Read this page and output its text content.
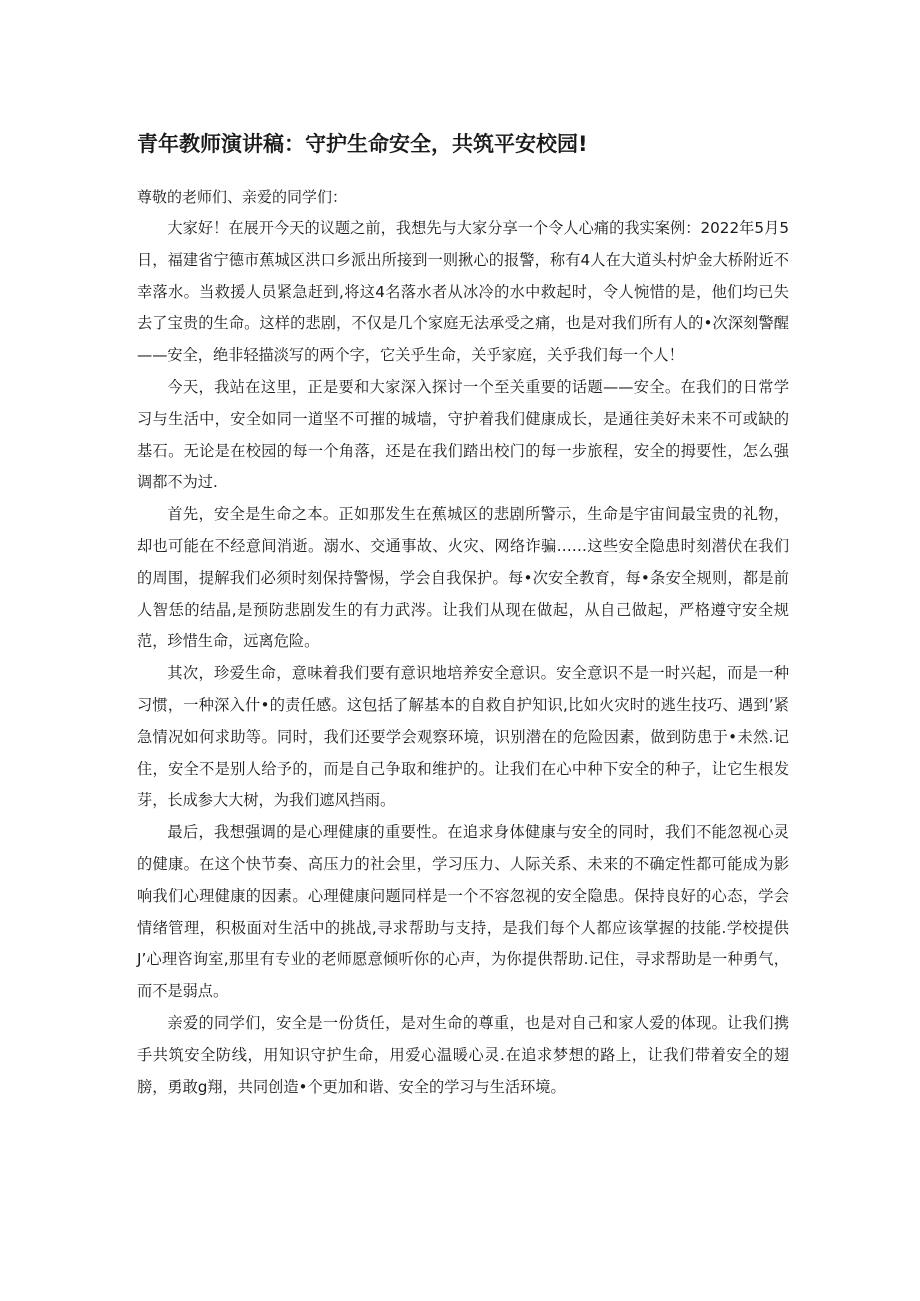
青年教师演讲稿：守护生命安全，共筑平安校园!
尊敬的老师们、亲爱的同学们：

大家好！在展开今天的议题之前，我想先与大家分享一个令人心痛的我实案例：2022年5月5日，福建省宁德市蕉城区洪口乡派出所接到一则揪心的报警，称有4人在大道头村炉金大桥附近不幸落水。当救援人员紧急赶到,将这4名落水者从冰冷的水中救起时，令人惋惜的是，他们均已失去了宝贵的生命。这样的悲剧，不仅是几个家庭无法承受之痛，也是对我们所有人的•次深刻警醒——安全，绝非轻描淡写的两个字，它关乎生命，关乎家庭，关乎我们每一个人！

今天，我站在这里，正是要和大家深入探讨一个至关重要的话题——安全。在我们的日常学习与生活中，安全如同一道坚不可摧的城墙，守护着我们健康成长，是通往美好未来不可或缺的基石。无论是在校园的每一个角落，还是在我们踏出校门的每一步旅程，安全的拇要性，怎么强调都不为过.

首先，安全是生命之本。正如那发生在蕉城区的悲剧所警示，生命是宇宙间最宝贵的礼物，却也可能在不经意间消逝。溺水、交通事故、火灾、网络诈骗……这些安全隐患时刻潜伏在我们的周围，提解我们必须时刻保持警惕，学会自我保护。每•次安全教育，每•条安全规则，都是前人智恁的结晶,是预防悲剧发生的有力武涔。让我们从现在做起，从自己做起，严格遵守安全规范，珍惜生命，远离危险。

其次，珍爱生命，意味着我们要有意识地培养安全意识。安全意识不是一时兴起，而是一种习惯，一种深入什•的责任感。这包括了解基本的自救自护知识,比如火灾时的逃生技巧、遇到’紧急情况如何求助等。同时，我们还要学会观察环境，识别潜在的危险因素，做到防患于•未然.记住，安全不是别人给予的，而是自己争取和维护的。让我们在心中种下安全的种子，让它生根发芽，长成参大大树，为我们遮风挡雨。

最后，我想强调的是心理健康的重要性。在追求身体健康与安全的同时，我们不能忽视心灵的健康。在这个快节奏、高压力的社会里，学习压力、人际关系、未来的不确定性都可能成为影响我们心理健康的因素。心理健康问题同样是一个不容忽视的安全隐患。保持良好的心态，学会情绪管理，积极面对生活中的挑战,寻求帮助与支持，是我们每个人都应该掌握的技能.学校提供J’心理咨询室,那里有专业的老师愿意倾听你的心声，为你提供帮助.记住，寻求帮助是一种勇气，而不是弱点。

亲爱的同学们，安全是一份货任，是对生命的尊重，也是对自己和家人爱的体现。让我们携手共筑安全防线，用知识守护生命，用爱心温暖心灵.在追求梦想的路上，让我们带着安全的翅膀，勇敢g翔，共同创造•个更加和谐、安全的学习与生活环境。
